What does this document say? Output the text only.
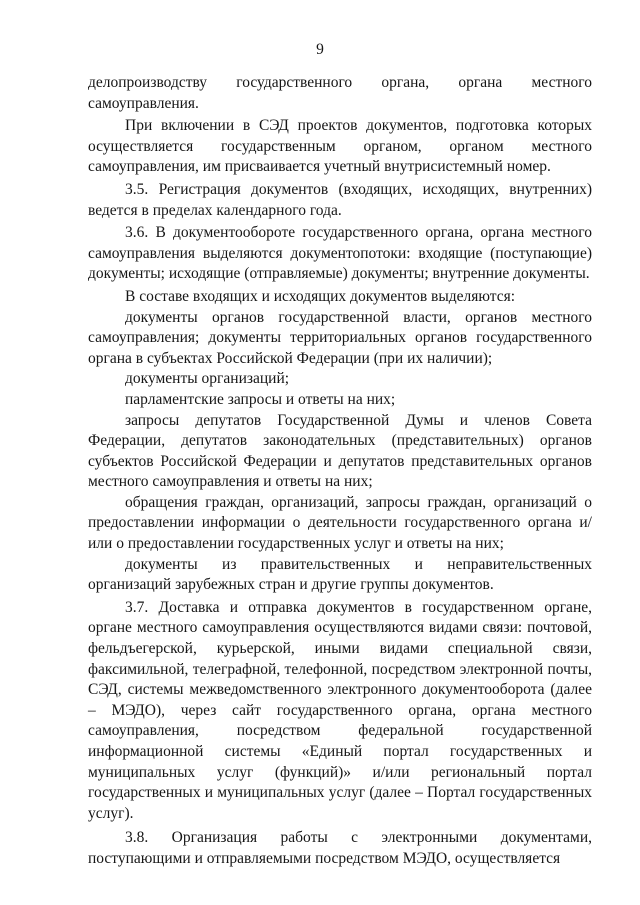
9

делопроизводству государственного органа, органа местного самоуправления.

При включении в СЭД проектов документов, подготовка которых осуществляется государственным органом, органом местного самоуправления, им присваивается учетный внутрисистемный номер.

3.5. Регистрация документов (входящих, исходящих, внутренних) ведется в пределах календарного года.

3.6. В документообороте государственного органа, органа местного самоуправления выделяются документопотоки: входящие (поступающие) документы; исходящие (отправляемые) документы; внутренние документы.

В составе входящих и исходящих документов выделяются:

документы органов государственной власти, органов местного самоуправления; документы территориальных органов государственного органа в субъектах Российской Федерации (при их наличии);

документы организаций;

парламентские запросы и ответы на них;

запросы депутатов Государственной Думы и членов Совета Федерации, депутатов законодательных (представительных) органов субъектов Российской Федерации и депутатов представительных органов местного самоуправления и ответы на них;

обращения граждан, организаций, запросы граждан, организаций о предоставлении информации о деятельности государственного органа и/или о предоставлении государственных услуг и ответы на них;

документы из правительственных и неправительственных организаций зарубежных стран и другие группы документов.

3.7. Доставка и отправка документов в государственном органе, органе местного самоуправления осуществляются видами связи: почтовой, фельдъегерской, курьерской, иными видами специальной связи, факсимильной, телеграфной, телефонной, посредством электронной почты, СЭД, системы межведомственного электронного документооборота (далее – МЭДО), через сайт государственного органа, органа местного самоуправления, посредством федеральной государственной информационной системы «Единый портал государственных и муниципальных услуг (функций)» и/или региональный портал государственных и муниципальных услуг (далее – Портал государственных услуг).

3.8. Организация работы с электронными документами, поступающими и отправляемыми посредством МЭДО, осуществляется
